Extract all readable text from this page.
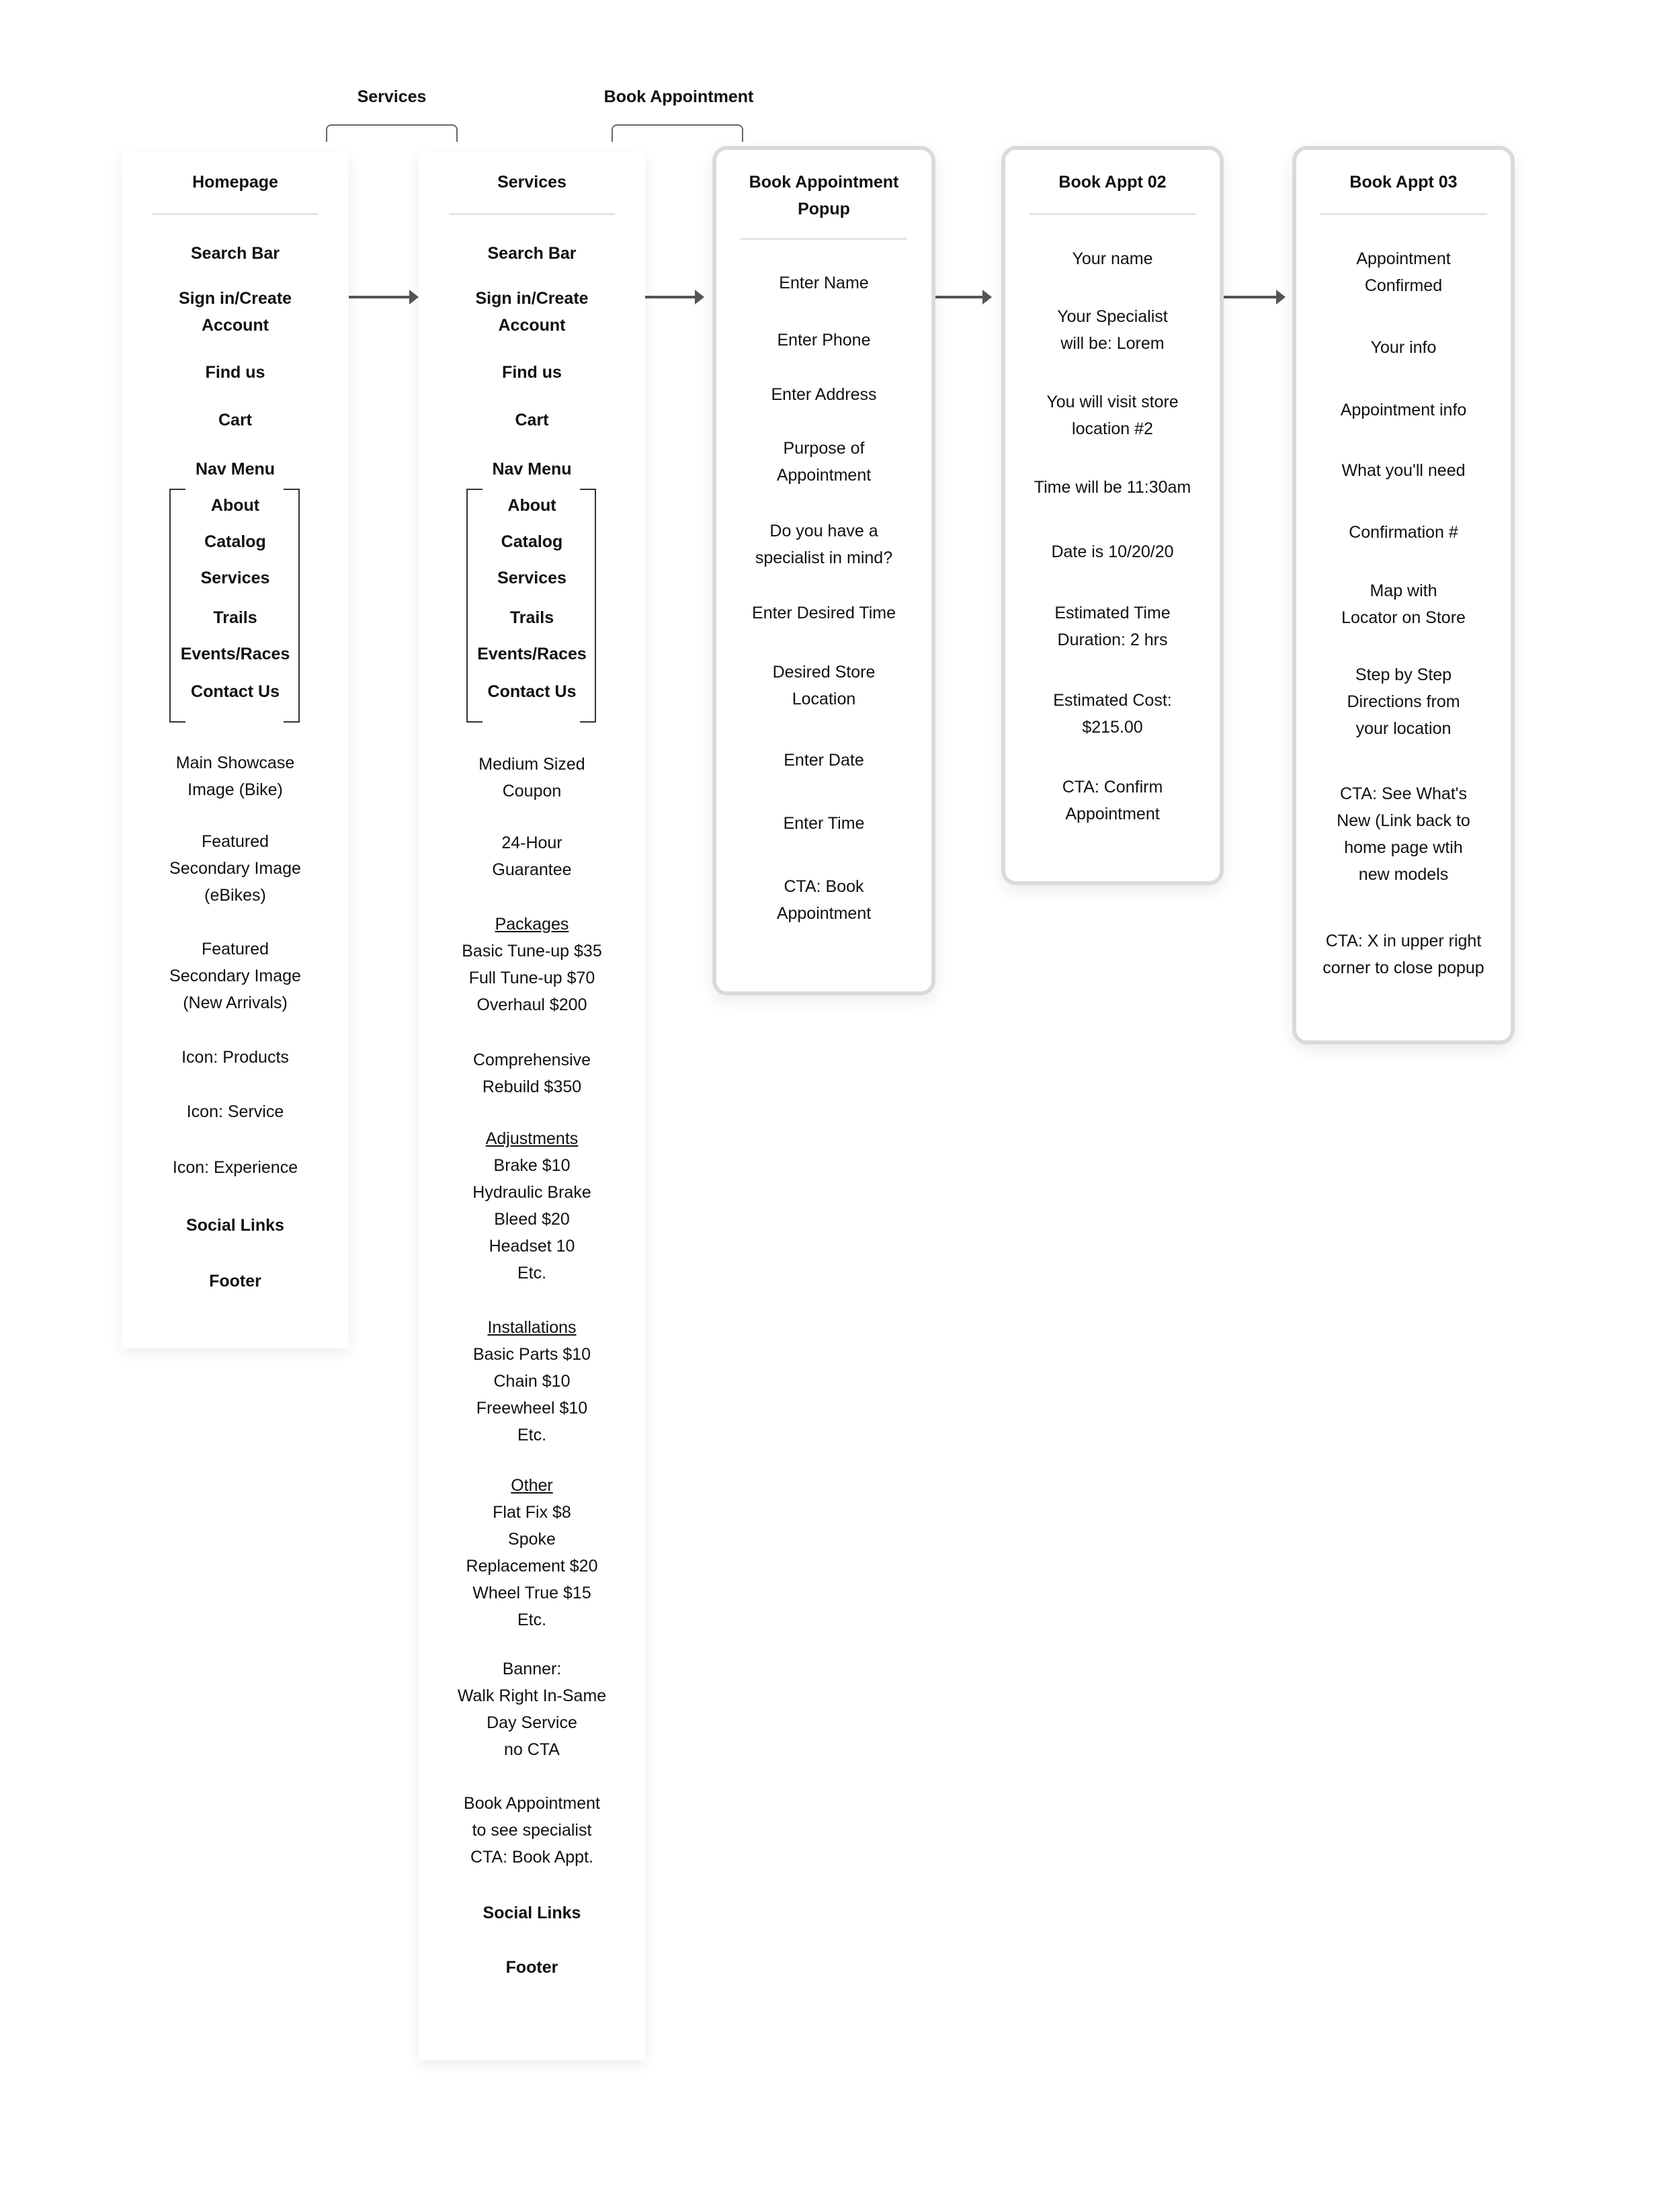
Services	Book Appointment
Homepage
Search Bar
Sign in/Create
Account
Find us
Cart
Nav Menu
About
Catalog
Services
Trails
Events/Races
Contact Us
Main Showcase
Image (Bike)
Featured
Secondary Image
(eBikes)
Featured
Secondary Image
(New Arrivals)
Icon: Products
Icon: Service
Icon: Experience
Social Links
Footer
Services
Search Bar
Sign in/Create
Account
Find us
Cart
Nav Menu
About
Catalog
Services
Trails
Events/Races
Contact Us
Medium Sized
Coupon
24-Hour
Guarantee
Packages
Basic Tune-up $35
Full Tune-up $70
Overhaul $200
Comprehensive
Rebuild $350
Adjustments
Brake $10
Hydraulic Brake
Bleed $20
Headset 10
Etc.
Installations
Basic Parts $10
Chain $10
Freewheel $10
Etc.
Other
Flat Fix $8
Spoke
Replacement $20
Wheel True $15
Etc.
Banner:
Walk Right In-Same
Day Service
no CTA
Book Appointment
to see specialist
CTA: Book Appt.
Social Links
Footer
Book Appointment
Popup
Enter Name
Enter Phone
Enter Address
Purpose of
Appointment
Do you have a
specialist in mind?
Enter Desired Time
Desired Store
Location
Enter Date
Enter Time
CTA: Book
Appointment
Book Appt 02
Your name
Your Specialist
will be: Lorem
You will visit store
location #2
Time will be 11:30am
Date is 10/20/20
Estimated Time
Duration: 2 hrs
Estimated Cost:
$215.00
CTA: Confirm
Appointment
Book Appt 03
Appointment
Confirmed
Your info
Appointment info
What you'll need
Confirmation #
Map with
Locator on Store
Step by Step
Directions from
your location
CTA: See What's
New (Link back to
home page wtih
new models
CTA: X in upper right
corner to close popup
